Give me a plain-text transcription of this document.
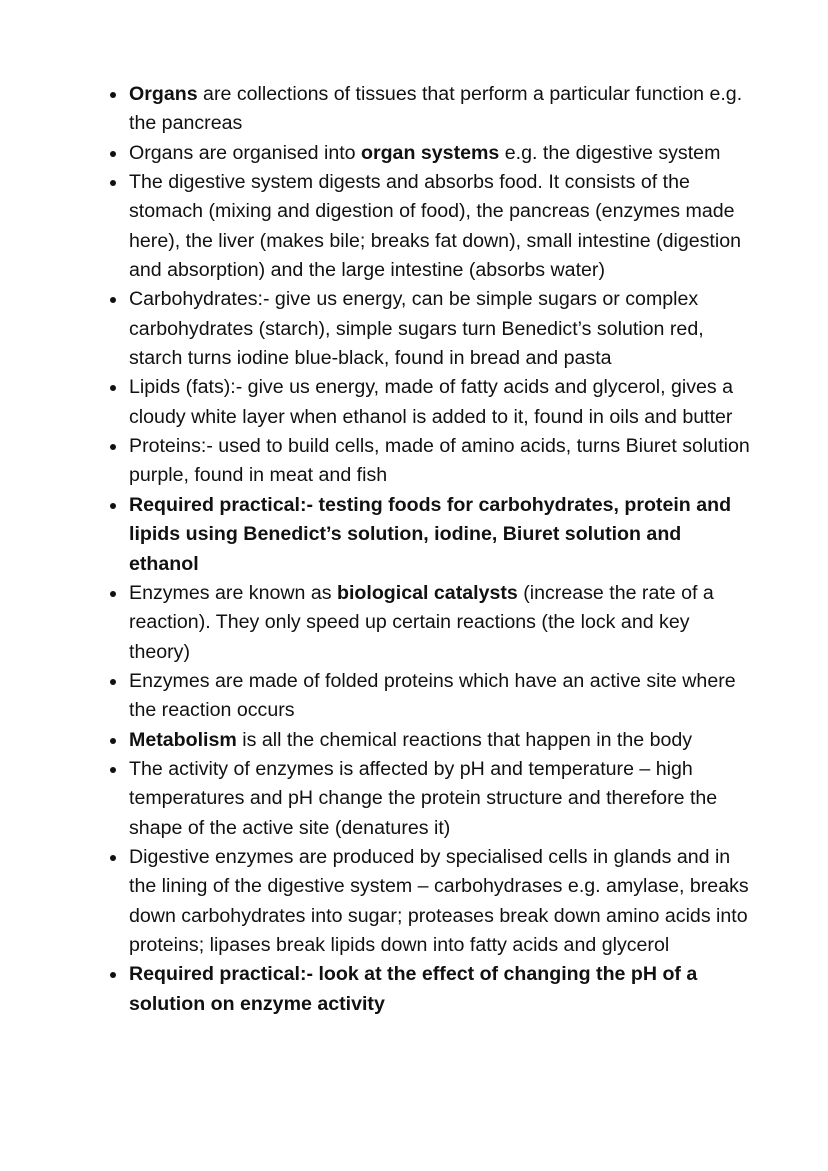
Organs are collections of tissues that perform a particular function e.g. the pancreas
Organs are organised into organ systems e.g. the digestive system
The digestive system digests and absorbs food. It consists of the stomach (mixing and digestion of food), the pancreas (enzymes made here), the liver (makes bile; breaks fat down), small intestine (digestion and absorption) and the large intestine (absorbs water)
Carbohydrates:- give us energy, can be simple sugars or complex carbohydrates (starch), simple sugars turn Benedict’s solution red, starch turns iodine blue-black, found in bread and pasta
Lipids (fats):- give us energy, made of fatty acids and glycerol, gives a cloudy white layer when ethanol is added to it, found in oils and butter
Proteins:- used to build cells, made of amino acids, turns Biuret solution purple, found in meat and fish
Required practical:- testing foods for carbohydrates, protein and lipids using Benedict’s solution, iodine, Biuret solution and ethanol
Enzymes are known as biological catalysts (increase the rate of a reaction). They only speed up certain reactions (the lock and key theory)
Enzymes are made of folded proteins which have an active site where the reaction occurs
Metabolism is all the chemical reactions that happen in the body
The activity of enzymes is affected by pH and temperature – high temperatures and pH change the protein structure and therefore the shape of the active site (denatures it)
Digestive enzymes are produced by specialised cells in glands and in the lining of the digestive system – carbohydrases e.g. amylase, breaks down carbohydrates into sugar; proteases break down amino acids into proteins; lipases break lipids down into fatty acids and glycerol
Required practical:- look at the effect of changing the pH of a solution on enzyme activity
